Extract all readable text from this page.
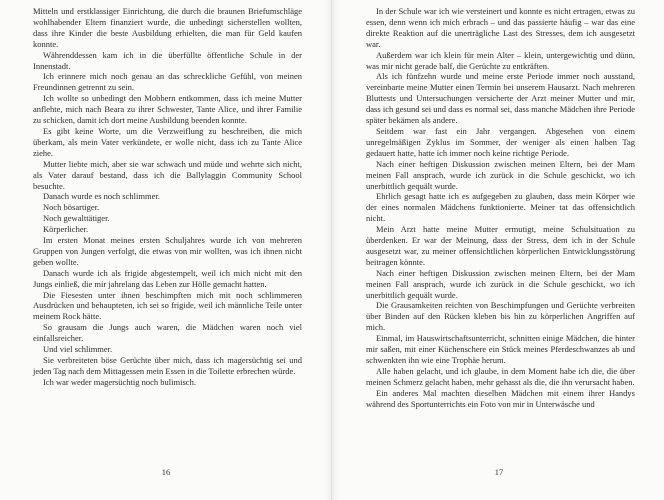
Mitteln und erstklassiger Einrichtung, die durch die braunen Briefumschläge wohlhabender Eltern finanziert wurde, die unbedingt sicherstellen wollten, dass ihre Kinder die beste Ausbildung erhielten, die man für Geld kaufen konnte.

Währenddessen kam ich in die überfüllte öffentliche Schule in der Innenstadt.

Ich erinnere mich noch genau an das schreckliche Gefühl, von meinen Freundinnen getrennt zu sein.

Ich wollte so unbedingt den Mobbern entkommen, dass ich meine Mutter anflehte, mich nach Beara zu ihrer Schwester, Tante Alice, und ihrer Familie zu schicken, damit ich dort meine Ausbildung beenden konnte.

Es gibt keine Worte, um die Verzweiflung zu beschreiben, die mich überkam, als mein Vater verkündete, er wolle nicht, dass ich zu Tante Alice ziehe.

Mutter liebte mich, aber sie war schwach und müde und wehrte sich nicht, als Vater darauf bestand, dass ich die Ballylaggin Community School besuchte.

Danach wurde es noch schlimmer.

Noch bösartiger.

Noch gewalttätiger.

Körperlicher.

Im ersten Monat meines ersten Schuljahres wurde ich von mehreren Gruppen von Jungen verfolgt, die etwas von mir wollten, was ich ihnen nicht geben wollte.

Danach wurde ich als frigide abgestempelt, weil ich mich nicht mit den Jungs einließ, die mir jahrelang das Leben zur Hölle gemacht hatten.

Die Fiesesten unter ihnen beschimpften mich mit noch schlimmeren Ausdrücken und behaupteten, ich sei so frigide, weil ich männliche Teile unter meinem Rock hätte.

So grausam die Jungs auch waren, die Mädchen waren noch viel einfallsreicher.

Und viel schlimmer.

Sie verbreiteten böse Gerüchte über mich, dass ich magersüchtig sei und jeden Tag nach dem Mittagessen mein Essen in die Toilette erbrechen würde.

Ich war weder magersüchtig noch bulimisch.

16

In der Schule war ich wie versteinert und konnte es nicht ertragen, etwas zu essen, denn wenn ich mich erbrach – und das passierte häufig – war das eine direkte Reaktion auf die unerträgliche Last des Stresses, dem ich ausgesetzt war.

Außerdem war ich klein für mein Alter – klein, untergewichtig und dünn, was mir nicht gerade half, die Gerüchte zu entkräften.

Als ich fünfzehn wurde und meine erste Periode immer noch ausstand, vereinbarte meine Mutter einen Termin bei unserem Hausarzt. Nach mehreren Bluttests und Untersuchungen versicherte der Arzt meiner Mutter und mir, dass ich gesund sei und dass es normal sei, dass manche Mädchen ihre Periode später bekämen als andere.

Seitdem war fast ein Jahr vergangen. Abgesehen von einem unregelmäßigen Zyklus im Sommer, der weniger als einen halben Tag gedauert hatte, hatte ich immer noch keine richtige Periode.

Nach einer heftigen Diskussion zwischen meinen Eltern, bei der Mam meinen Fall ansprach, wurde ich zurück in die Schule geschickt, wo ich unerbittlich gequält wurde.

Ehrlich gesagt hatte ich es aufgegeben zu glauben, dass mein Körper wie der eines normalen Mädchens funktionierte. Meiner tat das offensichtlich nicht.

Mein Arzt hatte meine Mutter ermutigt, meine Schulsituation zu überdenken. Er war der Meinung, dass der Stress, dem ich in der Schule ausgesetzt war, zu meiner offensichtlichen körperlichen Entwicklungsstörung beitragen könnte.

Nach einer heftigen Diskussion zwischen meinen Eltern, bei der Mam meinen Fall ansprach, wurde ich zurück in die Schule geschickt, wo ich unerbittlich gequält wurde.

Die Grausamkeiten reichten von Beschimpfungen und Gerüchte verbreiten über Binden auf den Rücken kleben bis hin zu körperlichen Angriffen auf mich.

Einmal, im Hauswirtschaftsunterricht, schnitten einige Mädchen, die hinter mir saßen, mit einer Küchenschere ein Stück meines Pferdeschwanzes ab und schwenkten ihn wie eine Trophäe herum.

Alle haben gelacht, und ich glaube, in dem Moment habe ich die, die über meinen Schmerz gelacht haben, mehr gehasst als die, die ihn verursacht haben.

Ein anderes Mal machten dieselben Mädchen mit einem ihrer Handys während des Sportunterrichts ein Foto von mir in Unterwäsche und

17
